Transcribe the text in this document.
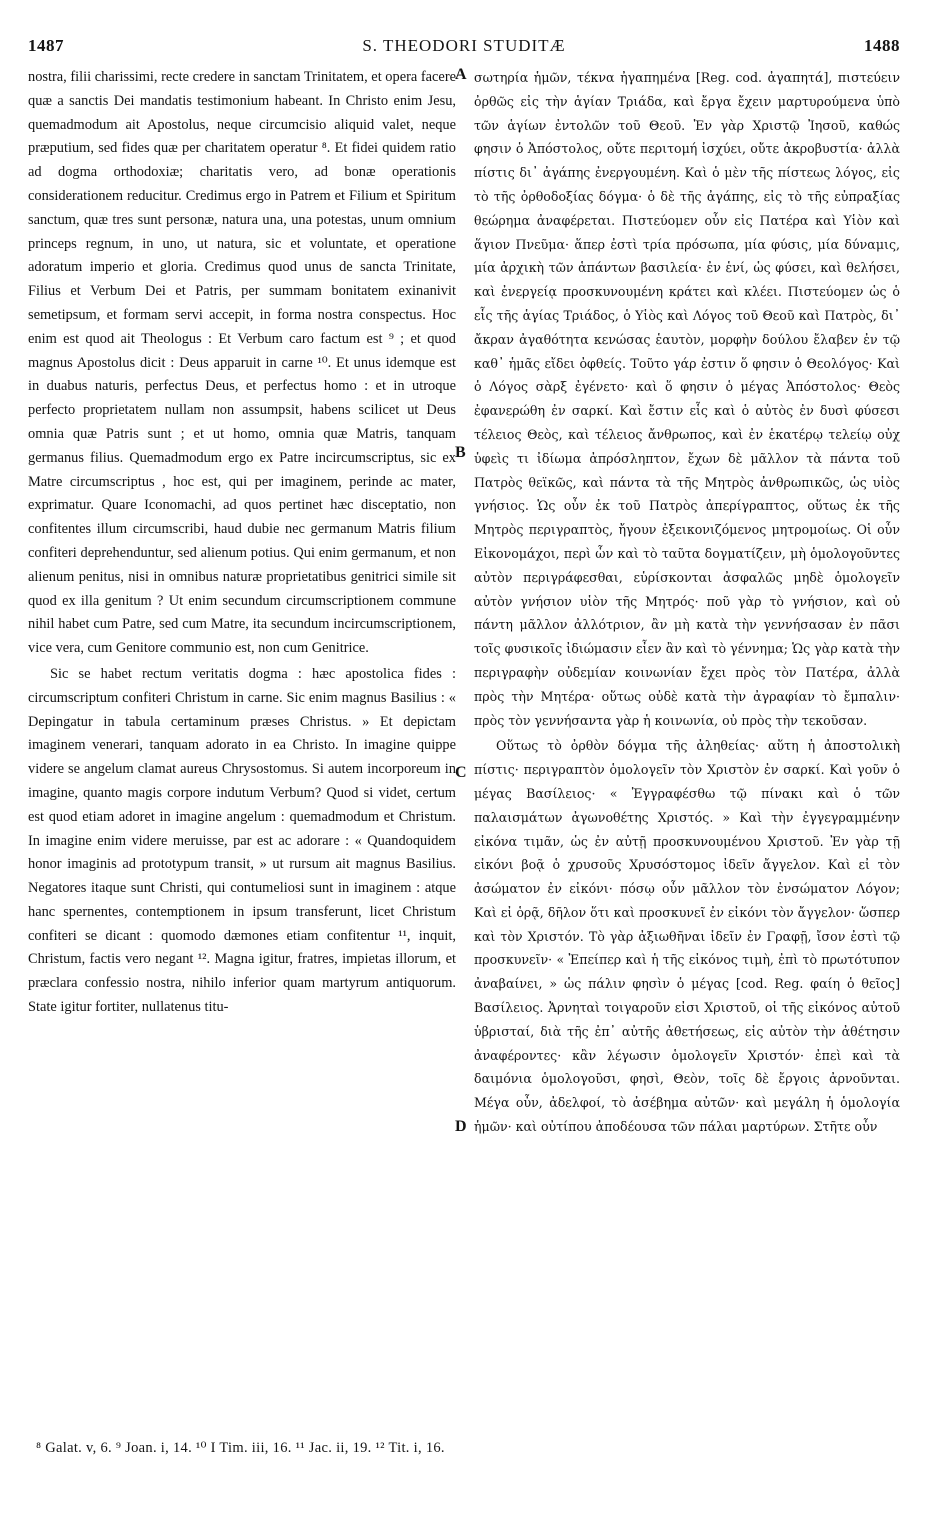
1487	S. THEODORI STUDITÆ	1488

nostra, filii charissimi, recte credere in sanctam Trinitatem, et opera facere quæ a sanctis Dei mandatis testimonium habeant. In Christo enim Jesu, quemadmodum ait Apostolus, neque circumcisio aliquid valet, neque præputium, sed fides quæ per charitatem operatur ⁸. Et fidei quidem ratio ad dogma orthodoxiæ; charitatis vero, ad bonæ operationis considerationem reducitur. Credimus ergo in Patrem et Filium et Spiritum sanctum, quæ tres sunt personæ, natura una, una potestas, unum omnium princeps regnum, in uno, ut natura, sic et voluntate, et operatione adoratum imperio et gloria. Credimus quod unus de sancta Trinitate, Filius et Verbum Dei et Patris, per summam bonitatem exinanivit semetipsum, et formam servi accepit, in forma nostra conspectus. Hoc enim est quod ait Theologus : Et Verbum caro factum est ⁹ ; et quod magnus Apostolus dicit : Deus apparuit in carne ¹⁰. Et unus idemque est in duabus naturis, perfectus Deus, et perfectus homo : et in utroque perfecto proprietatem nullam non assumpsit, habens scilicet ut Deus omnia quæ Patris sunt ; et ut homo, omnia quæ Matris, tanquam germanus filius. Quemadmodum ergo ex Patre incircumscriptus, sic ex Matre circumscriptus , hoc est, qui per imaginem, perinde ac mater, exprimatur. Quare Iconomachi, ad quos pertinet hæc disceptatio, non confitentes illum circumscribi, haud dubie nec germanum Matris filium confiteri deprehenduntur, sed alienum potius. Qui enim germanum, et non alienum penitus, nisi in omnibus naturæ proprietatibus genitrici simile sit quod ex illa genitum ? Ut enim secundum circumscriptionem commune nihil habet cum Patre, sed cum Matre, ita secundum incircumscriptionem, vice vera, cum Genitore communio est, non cum Genitrice.

Sic se habet rectum veritatis dogma : hæc apostolica fides : circumscriptum confiteri Christum in carne. Sic enim magnus Basilius : « Depingatur in tabula certaminum præses Christus. » Et depictam imaginem venerari, tanquam adorato in ea Christo. In imagine quippe videre se angelum clamat aureus Chrysostomus. Si autem incorporeum in imagine, quanto magis corpore indutum Verbum? Quod si videt, certum est quod etiam adoret in imagine angelum : quemadmodum et Christum. In imagine enim videre meruisse, par est ac adorare : « Quandoquidem honor imaginis ad prototypum transit, » ut rursum ait magnus Basilius. Negatores itaque sunt Christi, qui contumeliosi sunt in imaginem : atque hanc spernentes, contemptionem in ipsum transferunt, licet Christum confiteri se dicant : quomodo dæmones etiam confitentur ¹¹, inquit, Christum, factis vero negant ¹². Magna igitur, fratres, impietas illorum, et præclara confessio nostra, nihilo inferior quam martyrum antiquorum. State igitur fortiter, nullatenus titu-

A
B
C
D

σωτηρία ἡμῶν, τέκνα ἠγαπημένα [Reg. cod. ἀγαπητά], πιστεύειν ὀρθῶς εἰς τὴν ἁγίαν Τριάδα, καὶ ἔργα ἔχειν μαρτυρούμενα ὑπὸ τῶν ἁγίων ἐντολῶν τοῦ Θεοῦ. Ἐν γὰρ Χριστῷ Ἰησοῦ, καθώς φησιν ὁ Ἀπόστολος, οὔτε περιτομή ἰσχύει, οὔτε ἀκροβυστία· ἀλλὰ πίστις δι᾽ ἀγάπης ἐνεργουμένη. Καὶ ὁ μὲν τῆς πίστεως λόγος, εἰς τὸ τῆς ὀρθοδοξίας δόγμα· ὁ δὲ τῆς ἀγάπης, εἰς τὸ τῆς εὐπραξίας θεώρημα ἀναφέρεται. Πιστεύομεν οὖν εἰς Πατέρα καὶ Υἱὸν καὶ ἅγιον Πνεῦμα· ἅπερ ἐστὶ τρία πρόσωπα, μία φύσις, μία δύναμις, μία ἀρχικὴ τῶν ἁπάντων βασιλεία· ἐν ἑνί, ὡς φύσει, καὶ θελήσει, καὶ ἐνεργείᾳ προσκυνουμένη κράτει καὶ κλέει. Πιστεύομεν ὡς ὁ εἷς τῆς ἁγίας Τριάδος, ὁ Υἱὸς καὶ Λόγος τοῦ Θεοῦ καὶ Πατρὸς, δι᾽ ἄκραν ἀγαθότητα κενώσας ἑαυτὸν, μορφὴν δούλου ἔλαβεν ἐν τῷ καθ᾽ ἡμᾶς εἴδει ὀφθείς. Τοῦτο γάρ ἐστιν ὅ φησιν ὁ Θεολόγος· Καὶ ὁ Λόγος σὰρξ ἐγένετο· καὶ ὅ φησιν ὁ μέγας Ἀπόστολος· Θεὸς ἐφανερώθη ἐν σαρκί. Καὶ ἔστιν εἷς καὶ ὁ αὐτὸς ἐν δυσὶ φύσεσι τέλειος Θεὸς, καὶ τέλειος ἄνθρωπος, καὶ ἐν ἑκατέρῳ τελείῳ οὐχ ὑφεὶς τι ἰδίωμα ἀπρόσληπτον, ἔχων δὲ μᾶλλον τὰ πάντα τοῦ Πατρὸς θεϊκῶς, καὶ πάντα τὰ τῆς Μητρὸς ἀνθρωπικῶς, ὡς υἱὸς γνήσιος. Ὡς οὖν ἐκ τοῦ Πατρὸς ἀπερίγραπτος, οὕτως ἐκ τῆς Μητρὸς περιγραπτὸς, ἤγουν ἐξεικονιζόμενος μητρομοίως. Οἱ οὖν Εἰκονομάχοι, περὶ ὧν καὶ τὸ ταῦτα δογματίζειν, μὴ ὁμολογοῦντες αὐτὸν περιγράφεσθαι, εὑρίσκονται ἀσφαλῶς μηδὲ ὁμολογεῖν αὐτὸν γνήσιον υἱὸν τῆς Μητρός· ποῦ γὰρ τὸ γνήσιον, καὶ οὐ πάντη μᾶλλον ἀλλότριον, ἂν μὴ κατὰ τὴν γεννήσασαν ἐν πᾶσι τοῖς φυσικοῖς ἰδιώμασιν εἶεν ἂν καὶ τὸ γέννημα; Ὡς γὰρ κατὰ τὴν περιγραφὴν οὐδεμίαν κοινωνίαν ἔχει πρὸς τὸν Πατέρα, ἀλλὰ πρὸς τὴν Μητέρα· οὕτως οὐδὲ κατὰ τὴν ἀγραφίαν τὸ ἔμπαλιν· πρὸς τὸν γεννήσαντα γὰρ ἡ κοινωνία, οὐ πρὸς τὴν τεκοῦσαν.

Οὕτως τὸ ὀρθὸν δόγμα τῆς ἀληθείας· αὕτη ἡ ἀποστολικὴ πίστις· περιγραπτὸν ὁμολογεῖν τὸν Χριστὸν ἐν σαρκί. Καὶ γοῦν ὁ μέγας Βασίλειος· « Ἐγγραφέσθω τῷ πίνακι καὶ ὁ τῶν παλαισμάτων ἀγωνοθέτης Χριστός. » Καὶ τὴν ἐγγεγραμμένην εἰκόνα τιμᾶν, ὡς ἐν αὐτῇ προσκυνουμένου Χριστοῦ. Ἐν γὰρ τῇ εἰκόνι βοᾷ ὁ χρυσοῦς Χρυσόστομος ἰδεῖν ἄγγελον. Καὶ εἰ τὸν ἀσώματον ἐν εἰκόνι· πόσῳ οὖν μᾶλλον τὸν ἐνσώματον Λόγον; Καὶ εἰ ὁρᾷ, δῆλον ὅτι καὶ προσκυνεῖ ἐν εἰκόνι τὸν ἄγγελον· ὥσπερ καὶ τὸν Χριστόν. Τὸ γὰρ ἀξιωθῆναι ἰδεῖν ἐν Γραφῇ, ἴσον ἐστὶ τῷ προσκυνεῖν· « Ἐπείπερ καὶ ἡ τῆς εἰκόνος τιμὴ, ἐπὶ τὸ πρωτότυπον ἀναβαίνει, » ὡς πάλιν φησὶν ὁ μέγας [cod. Reg. φαίη ὁ θεῖος] Βασίλειος. Ἀρνηταὶ τοιγαροῦν εἰσι Χριστοῦ, οἱ τῆς εἰκόνος αὐτοῦ ὑβρισταί, διὰ τῆς ἐπ᾽ αὐτῆς ἀθετήσεως, εἰς αὐτὸν τὴν ἀθέτησιν ἀναφέροντες· κἂν λέγωσιν ὁμολογεῖν Χριστόν· ἐπεὶ καὶ τὰ δαιμόνια ὁμολογοῦσι, φησὶ, Θεὸν, τοῖς δὲ ἔργοις ἀρνοῦνται. Μέγα οὖν, ἀδελφοί, τὸ ἀσέβημα αὐτῶν· καὶ μεγάλη ἡ ὁμολογία ἡμῶν· καὶ οὐτίπου ἀποδέουσα τῶν πάλαι μαρτύρων. Στῆτε οὖν

⁸ Galat. v, 6. ⁹ Joan. i, 14. ¹⁰ I Tim. iii, 16. ¹¹ Jac. ii, 19. ¹² Tit. i, 16.
